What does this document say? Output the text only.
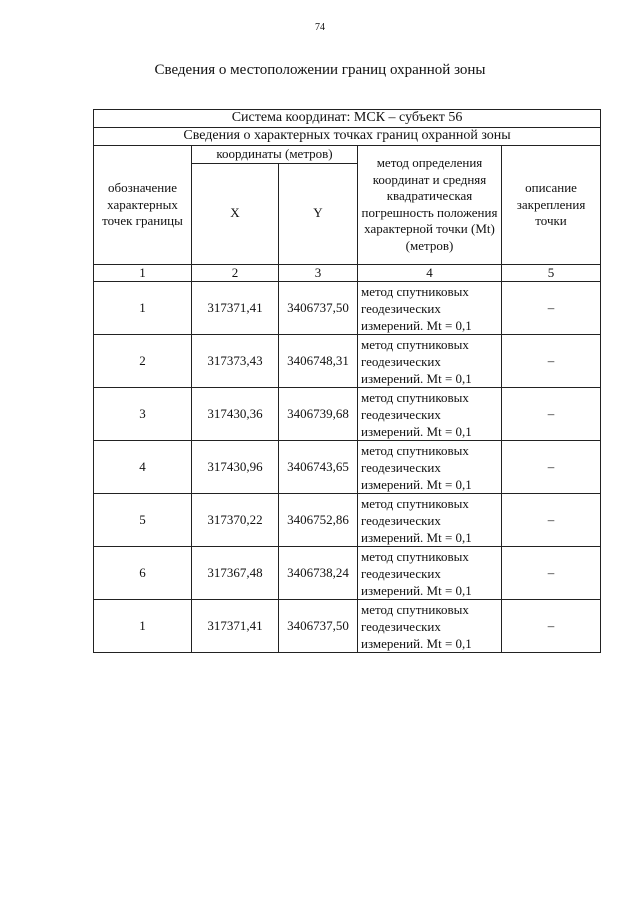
74
Сведения о местоположении границ охранной зоны
Система координат: МСК – субъект 56				
Сведения о характерных точках границ охранной зоны				
обозначение характерных точек границы	координаты (метров)		метод определения координат и средняя квадратическая погрешность положения характерной точки (Mt) (метров)	описание закрепления точки
	X	Y		
1	2	3	4	5
1	317371,41	3406737,50	метод спутниковых
геодезических
измерений. Mt = 0,1	–
2	317373,43	3406748,31	метод спутниковых
геодезических
измерений. Mt = 0,1	–
3	317430,36	3406739,68	метод спутниковых
геодезических
измерений. Mt = 0,1	–
4	317430,96	3406743,65	метод спутниковых
геодезических
измерений. Mt = 0,1	–
5	317370,22	3406752,86	метод спутниковых
геодезических
измерений. Mt = 0,1	–
6	317367,48	3406738,24	метод спутниковых
геодезических
измерений. Mt = 0,1	–
1	317371,41	3406737,50	метод спутниковых
геодезических
измерений. Mt = 0,1	–
